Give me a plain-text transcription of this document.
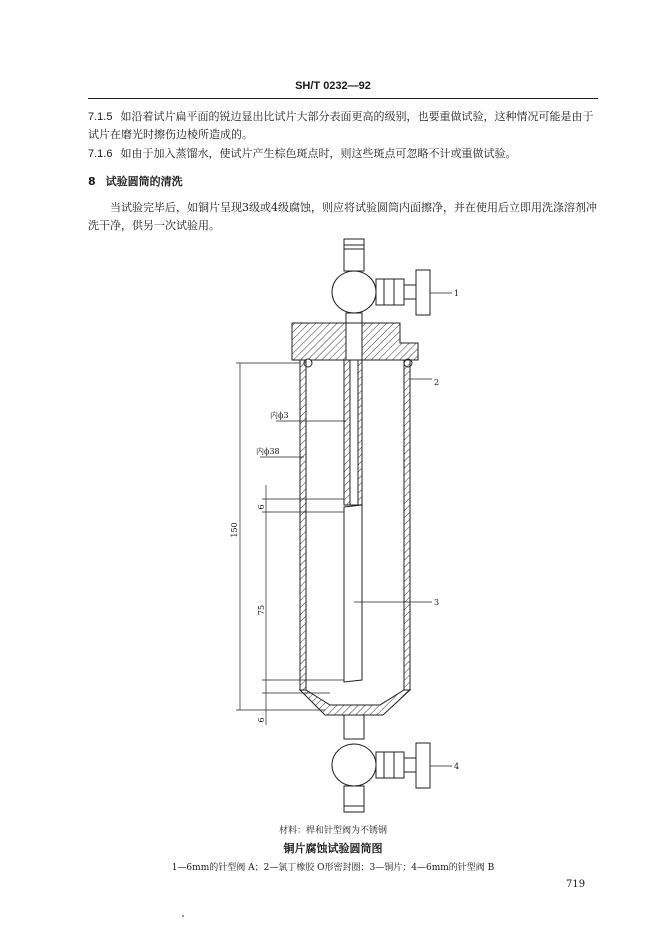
SH/T 0232—92
7.1.5 如沿着试片扁平面的锐边显出比试片大部分表面更高的级别，也要重做试验，这种情况可能是由于试片在磨光时擦伤边棱所造成的。
7.1.6 如由于加入蒸馏水，使试片产生棕色斑点时，则这些斑点可忽略不计或重做试验。
8 试验圆筒的清洗
当试验完毕后，如铜片呈现3级或4级腐蚀，则应将试验圆筒内面擦净，并在使用后立即用洗涤溶剂冲洗干净，供另一次试验用。
内ϕ3
内ϕ38
150
6
75
6
1
2
3
4
材料：桿和针型阀为不锈钢
铜片腐蚀试验圆筒图
1—6mm的针型阀 A；2—氯丁橡胶 O形密封圈；3—铜片；4—6mm的针型阀 B
719
